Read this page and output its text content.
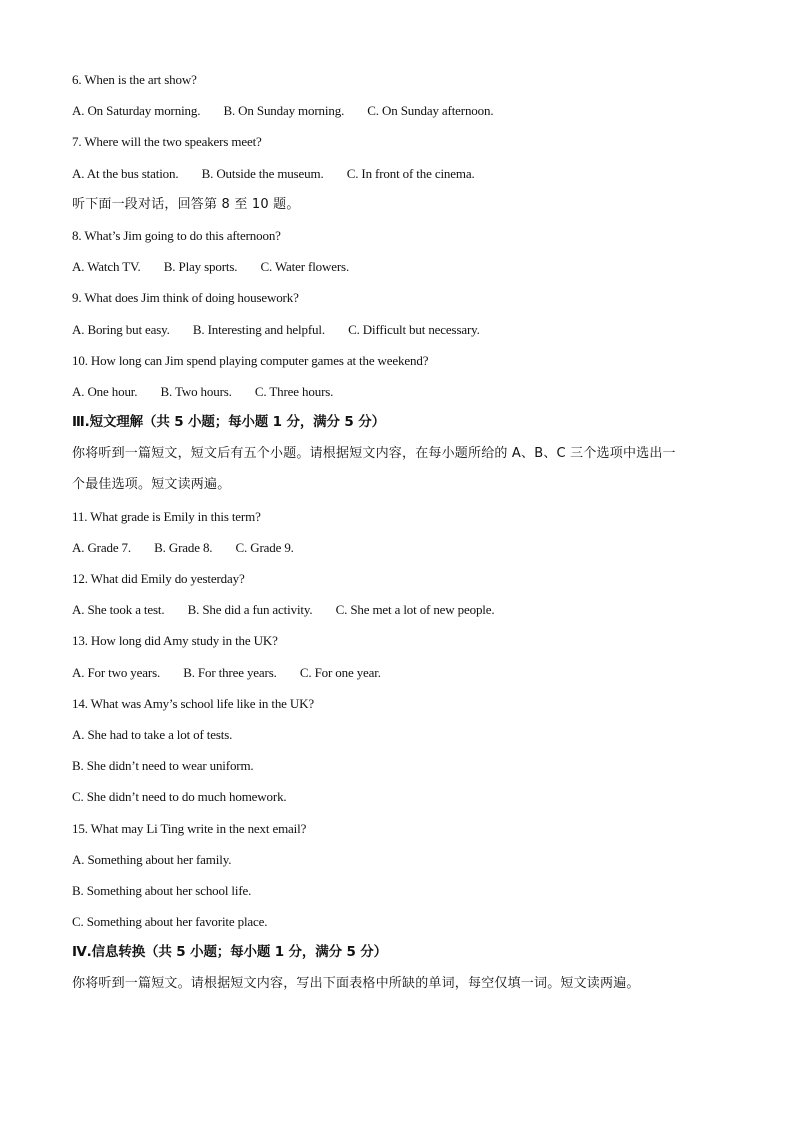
6. When is the art show?
A. On Saturday morning. B. On Sunday morning. C. On Sunday afternoon.
7. Where will the two speakers meet?
A. At the bus station. B. Outside the museum. C. In front of the cinema.
听下面一段对话，回答第 8 至 10 题。
8. What’s Jim going to do this afternoon?
A. Watch TV. B. Play sports. C. Water flowers.
9. What does Jim think of doing housework?
A. Boring but easy. B. Interesting and helpful. C. Difficult but necessary.
10. How long can Jim spend playing computer games at the weekend?
A. One hour. B. Two hours. C. Three hours.
Ⅲ.短文理解（共 5 小题；每小题 1 分，满分 5 分）
你将听到一篇短文，短文后有五个小题。请根据短文内容，在每小题所给的 A、B、C 三个选项中选出一
个最佳选项。短文读两遍。
11. What grade is Emily in this term?
A. Grade 7. B. Grade 8. C. Grade 9.
12. What did Emily do yesterday?
A. She took a test. B. She did a fun activity. C. She met a lot of new people.
13. How long did Amy study in the UK?
A. For two years. B. For three years. C. For one year.
14. What was Amy’s school life like in the UK?
A. She had to take a lot of tests.
B. She didn’t need to wear uniform.
C. She didn’t need to do much homework.
15. What may Li Ting write in the next email?
A. Something about her family.
B. Something about her school life.
C. Something about her favorite place.
Ⅳ.信息转换（共 5 小题；每小题 1 分，满分 5 分）
你将听到一篇短文。请根据短文内容，写出下面表格中所缺的单词，每空仅填一词。短文读两遍。
